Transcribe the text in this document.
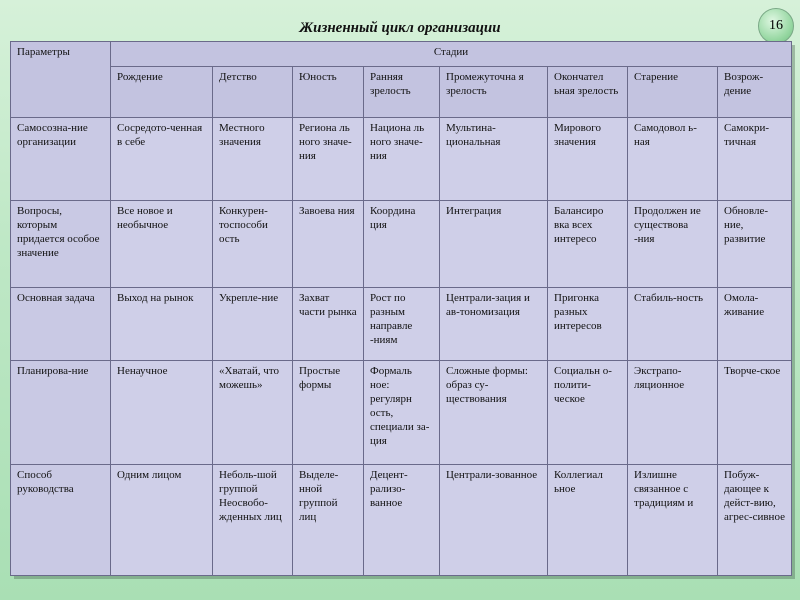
Жизненный цикл организации	16
Параметры	Стадии							
	Рождение	Детство	Юность	Ранняя зрелость	Промежуточна я зрелость	Окончател ьная зрелость	Старение	Возрож-дение
Самосозна-ние организации	Сосредото-ченная в себе	Местного значения	Региона ль ного значе-ния	Национа ль ного значе-ния	Мультина-циональная	Мирового значения	Самодовол ь-ная	Самокри-тичная
Вопросы, которым придается особое значение	Все новое и необычное	Конкурен-тоспособи ость	Завоева ния	Координа ция	Интеграция	Балансиро вка всех интересо	Продолжен ие существова -ния	Обновле-ние, развитие
Основная задача	Выход на рынок	Укрепле-ние	Захват части рынка	Рост по разным направле -ниям	Централи-зация и ав-тономизация	Пригонка разных интересов	Стабиль-ность	Омола-живание
Планирова-ние	Ненаучное	«Хватай, что можешь»	Простые формы	Формаль ное: регулярн ость, специали за-ция	Сложные формы: образ су-ществования	Социальн о-полити-ческое	Экстрапо-ляционное	Творче-ское
Способ руководства	Одним лицом	Неболь-шой группой Неосвобо-жденных лиц	Выделе-нной группой лиц	Децент-рализо-ванное	Централи-зованное	Коллегиал ьное	Излишне связанное с традициям и	Побуж-дающее к дейст-вию, агрес-сивное
